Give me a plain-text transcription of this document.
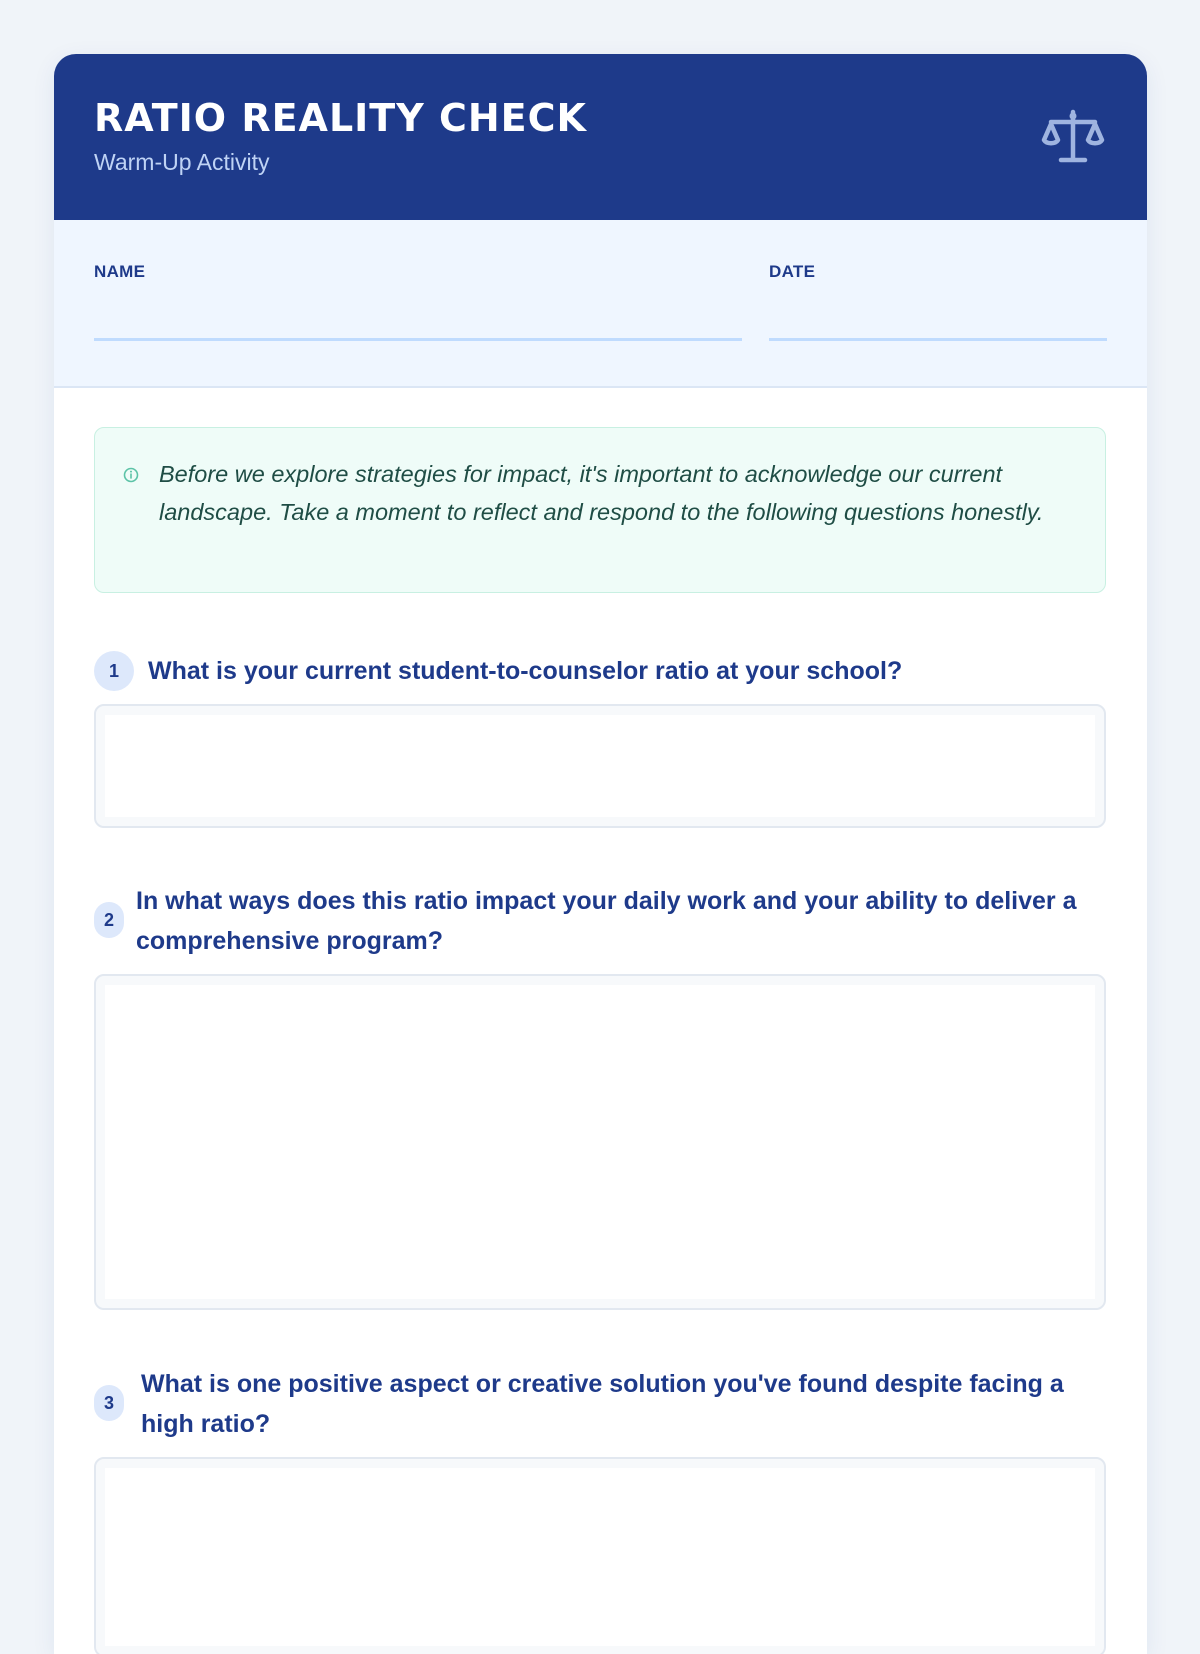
RATIO REALITY CHECK
Warm-Up Activity
NAME	DATE
Before we explore strategies for impact, it's important to acknowledge our current landscape. Take a moment to reflect and respond to the following questions honestly.
1	What is your current student-to-counselor ratio at your school?

2

In what ways does this ratio impact your daily work and your ability to deliver a comprehensive program?

3

What is one positive aspect or creative solution you've found despite facing a high ratio?
